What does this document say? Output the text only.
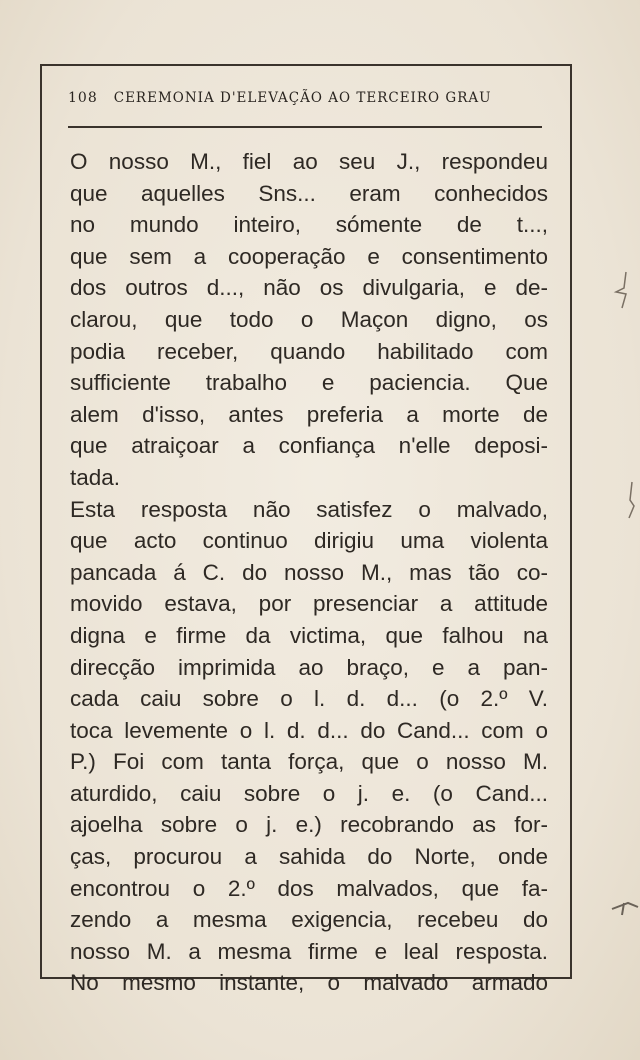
108 CEREMONIA D'ELEVAÇÃO AO TERCEIRO GRAU
O nosso M., fiel ao seu J., respondeu
que aquelles Sns... eram conhecidos
no mundo inteiro, sómente de t...,
que sem a cooperação e consentimento
dos outros d..., não os divulgaria, e de-
clarou, que todo o Maçon digno, os
podia receber, quando habilitado com
sufficiente trabalho e paciencia. Que
alem d'isso, antes preferia a morte de
que atraiçoar a confiança n'elle deposi-
tada.
Esta resposta não satisfez o malvado,
que acto continuo dirigiu uma violenta
pancada á C. do nosso M., mas tão co-
movido estava, por presenciar a attitude
digna e firme da victima, que falhou na
direcção imprimida ao braço, e a pan-
cada caiu sobre o l. d. d... (o 2.º V.
toca levemente o l. d. d... do Cand... com o
P.) Foi com tanta força, que o nosso M.
aturdido, caiu sobre o j. e. (o Cand...
ajoelha sobre o j. e.) recobrando as for-
ças, procurou a sahida do Norte, onde
encontrou o 2.º dos malvados, que fa-
zendo a mesma exigencia, recebeu do
nosso M. a mesma firme e leal resposta.
No mesmo instante, o malvado armado
